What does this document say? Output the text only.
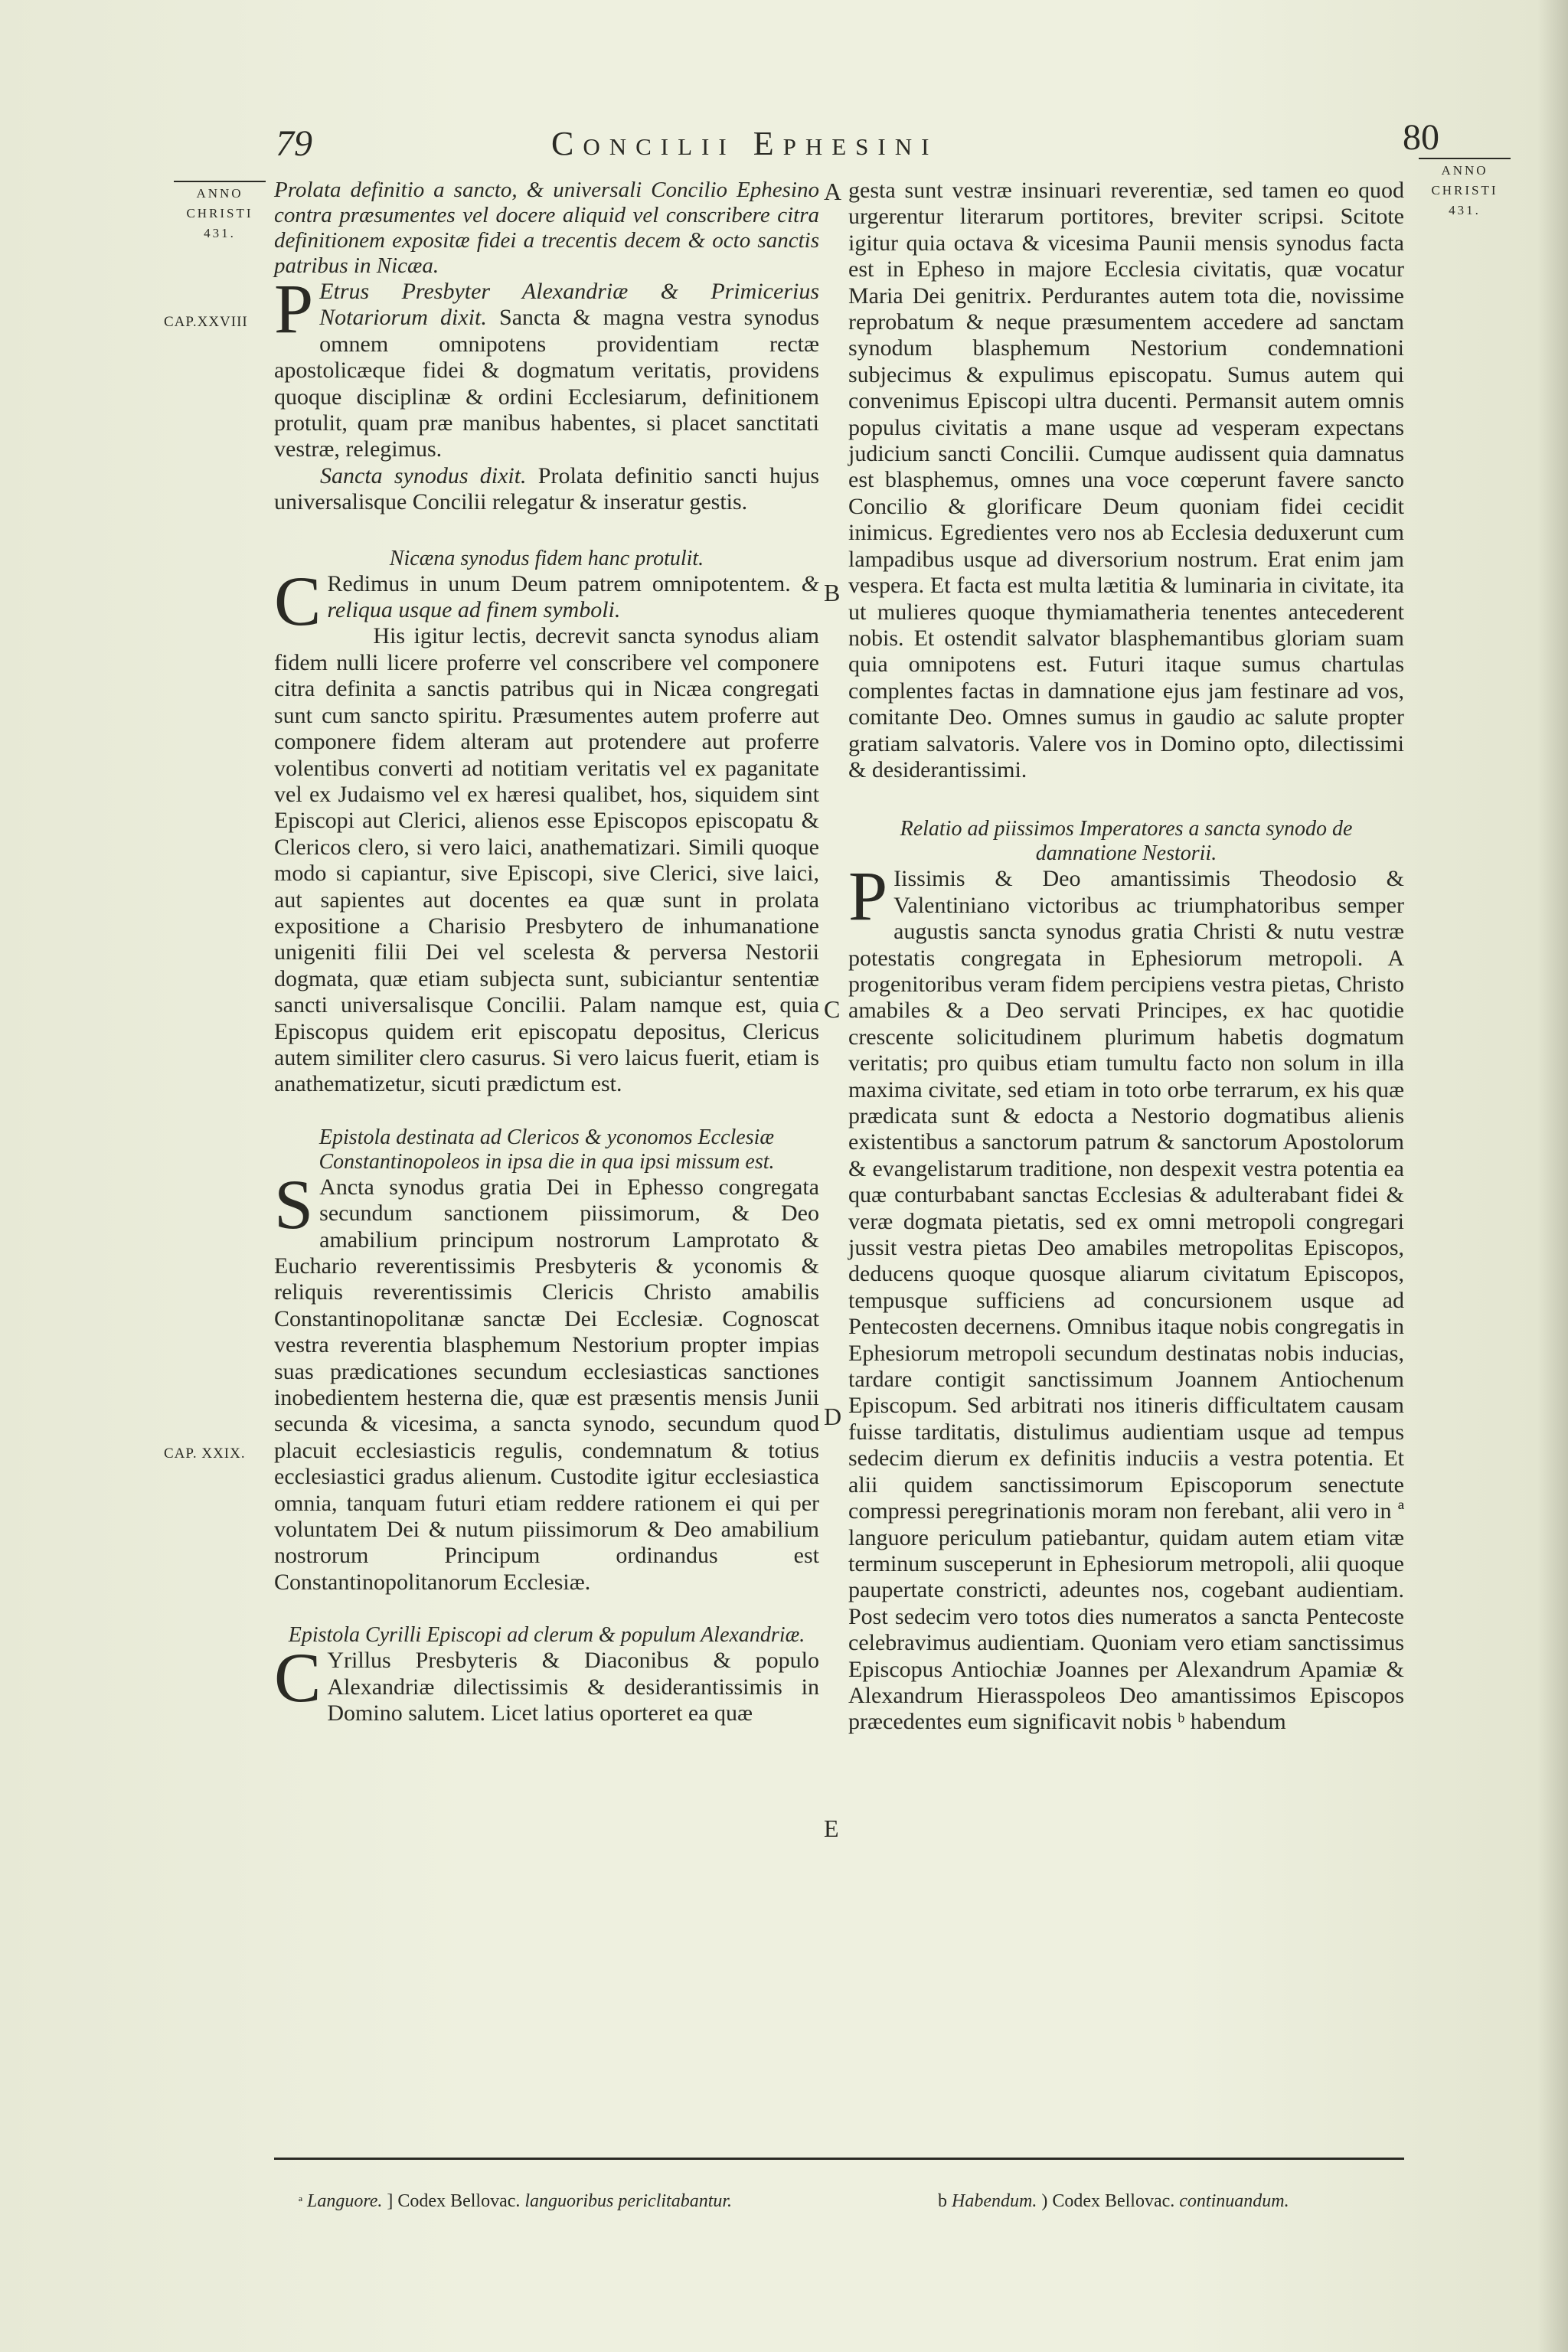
79	Concilii Ephesini	80
ANNO
CHRISTI
431.
ANNO
CHRISTI
431.
CAP.XXVIII
CAP. XXIX.
A
B
C
D
E

Prolata definitio a sancto, & universali Concilio Ephesino contra præsumentes vel docere aliquid vel conscribere citra definitionem expositæ fidei a trecentis decem & octo sanctis patribus in Nicæa.

P Etrus Presbyter Alexandriæ & Primicerius Notariorum dixit. Sancta & magna vestra synodus omnem omnipotens providentiam rectæ apostolicæque fidei & dogmatum veritatis, providens quoque disciplinæ & ordini Ecclesiarum, definitionem protulit, quam præ manibus habentes, si placet sanctitati vestræ, relegimus.

Sancta synodus dixit. Prolata definitio sancti hujus universalisque Concilii relegatur & inseratur gestis.

Nicæna synodus fidem hanc protulit.

C Redimus in unum Deum patrem omnipotentem. & reliqua usque ad finem symboli.

His igitur lectis, decrevit sancta synodus aliam fidem nulli licere proferre vel conscribere vel componere citra definita a sanctis patribus qui in Nicæa congregati sunt cum sancto spiritu. Præsumentes autem proferre aut componere fidem alteram aut protendere aut proferre volentibus converti ad notitiam veritatis vel ex paganitate vel ex Judaismo vel ex hæresi qualibet, hos, siquidem sint Episcopi aut Clerici, alienos esse Episcopos episcopatu & Clericos clero, si vero laici, anathematizari. Simili quoque modo si capiantur, sive Episcopi, sive Clerici, sive laici, aut sapientes aut docentes ea quæ sunt in prolata expositione a Charisio Presbytero de inhumanatione unigeniti filii Dei vel scelesta & perversa Nestorii dogmata, quæ etiam subjecta sunt, subiciantur sententiæ sancti universalisque Concilii. Palam namque est, quia Episcopus quidem erit episcopatu depositus, Clericus autem similiter clero casurus. Si vero laicus fuerit, etiam is anathematizetur, sicuti prædictum est.

Epistola destinata ad Clericos & yconomos Ecclesiæ Constantinopoleos in ipsa die in qua ipsi missum est.

S Ancta synodus gratia Dei in Ephesso congregata secundum sanctionem piissimorum, & Deo amabilium principum nostrorum Lamprotato & Euchario reverentissimis Presbyteris & yconomis & reliquis reverentissimis Clericis Christo amabilis Constantinopolitanæ sanctæ Dei Ecclesiæ. Cognoscat vestra reverentia blasphemum Nestorium propter impias suas prædicationes secundum ecclesiasticas sanctiones inobedientem hesterna die, quæ est præsentis mensis Junii secunda & vicesima, a sancta synodo, secundum quod placuit ecclesiasticis regulis, condemnatum & totius ecclesiastici gradus alienum. Custodite igitur ecclesiastica omnia, tanquam futuri etiam reddere rationem ei qui per voluntatem Dei & nutum piissimorum & Deo amabilium nostrorum Principum ordinandus est Constantinopolitanorum Ecclesiæ.

Epistola Cyrilli Episcopi ad clerum & populum Alexandriæ.

C Yrillus Presbyteris & Diaconibus & populo Alexandriæ dilectissimis & desiderantissimis in Domino salutem. Licet latius oporteret ea quæ

gesta sunt vestræ insinuari reverentiæ, sed tamen eo quod urgerentur literarum portitores, breviter scripsi. Scitote igitur quia octava & vicesima Paunii mensis synodus facta est in Epheso in majore Ecclesia civitatis, quæ vocatur Maria Dei genitrix. Perdurantes autem tota die, novissime reprobatum & neque præsumentem accedere ad sanctam synodum blasphemum Nestorium condemnationi subjecimus & expulimus episcopatu. Sumus autem qui convenimus Episcopi ultra ducenti. Permansit autem omnis populus civitatis a mane usque ad vesperam expectans judicium sancti Concilii. Cumque audissent quia damnatus est blasphemus, omnes una voce cœperunt favere sancto Concilio & glorificare Deum quoniam fidei cecidit inimicus. Egredientes vero nos ab Ecclesia deduxerunt cum lampadibus usque ad diversorium nostrum. Erat enim jam vespera. Et facta est multa lætitia & luminaria in civitate, ita ut mulieres quoque thymiamatheria tenentes antecederent nobis. Et ostendit salvator blasphemantibus gloriam suam quia omnipotens est. Futuri itaque sumus chartulas complentes factas in damnatione ejus jam festinare ad vos, comitante Deo. Omnes sumus in gaudio ac salute propter gratiam salvatoris. Valere vos in Domino opto, dilectissimi & desiderantissimi.

Relatio ad piissimos Imperatores a sancta synodo de damnatione Nestorii.

P Iissimis & Deo amantissimis Theodosio & Valentiniano victoribus ac triumphatoribus semper augustis sancta synodus gratia Christi & nutu vestræ potestatis congregata in Ephesiorum metropoli. A progenitoribus veram fidem percipiens vestra pietas, Christo amabiles & a Deo servati Principes, ex hac quotidie crescente solicitudinem plurimum habetis dogmatum veritatis; pro quibus etiam tumultu facto non solum in illa maxima civitate, sed etiam in toto orbe terrarum, ex his quæ prædicata sunt & edocta a Nestorio dogmatibus alienis existentibus a sanctorum patrum & sanctorum Apostolorum & evangelistarum traditione, non despexit vestra potentia ea quæ conturbabant sanctas Ecclesias & adulterabant fidei & veræ dogmata pietatis, sed ex omni metropoli congregari jussit vestra pietas Deo amabiles metropolitas Episcopos, deducens quoque quosque aliarum civitatum Episcopos, tempusque sufficiens ad concursionem usque ad Pentecosten decernens. Omnibus itaque nobis congregatis in Ephesiorum metropoli secundum destinatas nobis inducias, tardare contigit sanctissimum Joannem Antiochenum Episcopum. Sed arbitrati nos itineris difficultatem causam fuisse tarditatis, distulimus audientiam usque ad tempus sedecim dierum ex definitis induciis a vestra potentia. Et alii quidem sanctissimorum Episcoporum senectute compressi peregrinationis moram non ferebant, alii vero in ª languore periculum patiebantur, quidam autem etiam vitæ terminum susceperunt in Ephesiorum metropoli, alii quoque paupertate constricti, adeuntes nos, cogebant audientiam. Post sedecim vero totos dies numeratos a sancta Pentecoste celebravimus audientiam. Quoniam vero etiam sanctissimus Episcopus Antiochiæ Joannes per Alexandrum Apamiæ & Alexandrum Hierasspoleos Deo amantissimos Episcopos præcedentes eum significavit nobis ᵇ habendum

ª Languore. ] Codex Bellovac. languoribus periclitabantur.	b Habendum. ) Codex Bellovac. continuandum.
